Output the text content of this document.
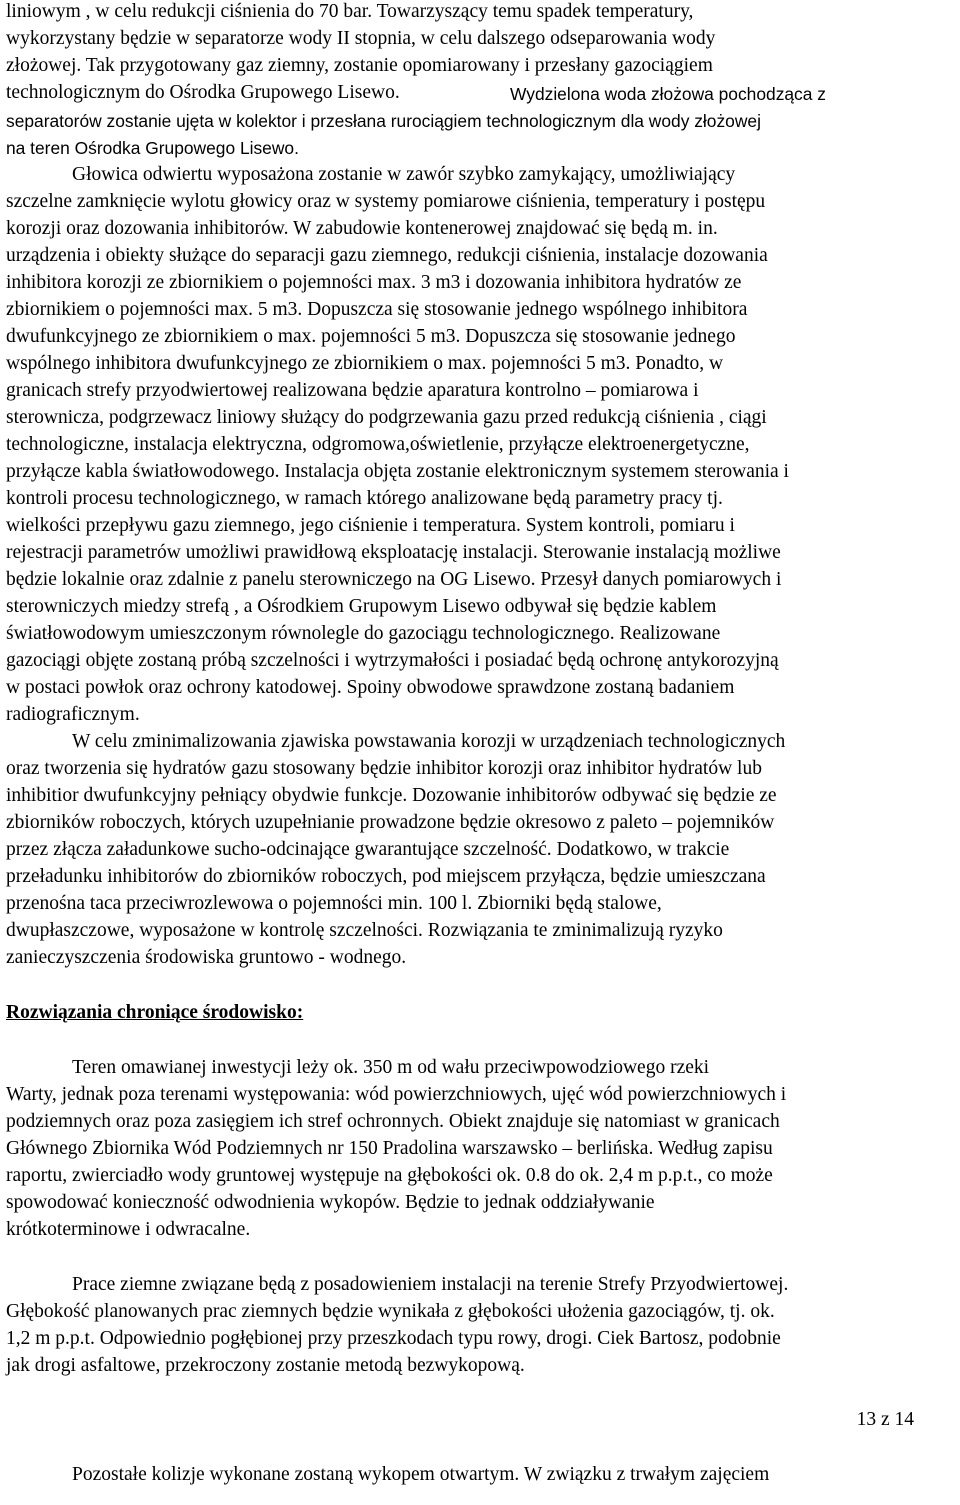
liniowym , w celu redukcji ciśnienia do 70 bar. Towarzyszący temu spadek temperatury,
wykorzystany będzie w separatorze wody II stopnia, w celu dalszego odseparowania wody
złożowej. Tak przygotowany gaz ziemny, zostanie opomiarowany i przesłany gazociągiem
technologicznym do Ośrodka Grupowego Lisewo.	Wydzielona woda złożowa pochodząca z
separatorów zostanie ujęta w kolektor i przesłana rurociągiem technologicznym dla wody złożowej
na teren Ośrodka Grupowego Lisewo.
Głowica odwiertu wyposażona zostanie w zawór szybko zamykający, umożliwiający
szczelne zamknięcie wylotu głowicy oraz w systemy pomiarowe ciśnienia, temperatury i postępu
korozji oraz dozowania inhibitorów. W zabudowie kontenerowej znajdować się będą m. in.
urządzenia i obiekty służące do separacji gazu ziemnego, redukcji ciśnienia, instalacje dozowania
inhibitora korozji ze zbiornikiem o pojemności max. 3 m3 i dozowania inhibitora hydratów ze
zbiornikiem o pojemności max. 5 m3. Dopuszcza się stosowanie jednego wspólnego inhibitora
dwufunkcyjnego ze zbiornikiem o max. pojemności 5 m3. Dopuszcza się stosowanie jednego
wspólnego inhibitora dwufunkcyjnego ze zbiornikiem o max. pojemności 5 m3. Ponadto, w
granicach strefy przyodwiertowej realizowana będzie aparatura kontrolno – pomiarowa i
sterownicza, podgrzewacz liniowy służący do podgrzewania gazu przed redukcją ciśnienia , ciągi
technologiczne, instalacja elektryczna, odgromowa,oświetlenie, przyłącze elektroenergetyczne,
przyłącze kabla światłowodowego. Instalacja objęta zostanie elektronicznym systemem sterowania i
kontroli procesu technologicznego, w ramach którego analizowane będą parametry pracy tj.
wielkości przepływu gazu ziemnego, jego ciśnienie i temperatura. System kontroli, pomiaru i
rejestracji parametrów umożliwi prawidłową eksploatację instalacji. Sterowanie instalacją możliwe
będzie lokalnie oraz zdalnie z panelu sterowniczego na OG Lisewo. Przesył danych pomiarowych i
sterowniczych miedzy strefą , a Ośrodkiem Grupowym Lisewo odbywał się będzie kablem
światłowodowym umieszczonym równolegle do gazociągu technologicznego. Realizowane
gazociągi objęte zostaną próbą szczelności i wytrzymałości i posiadać będą ochronę antykorozyjną
w postaci powłok oraz ochrony katodowej. Spoiny obwodowe sprawdzone zostaną badaniem
radiograficznym.
W celu zminimalizowania zjawiska powstawania korozji w urządzeniach technologicznych
oraz tworzenia się hydratów gazu stosowany będzie inhibitor korozji oraz inhibitor hydratów lub
inhibitior dwufunkcyjny pełniący obydwie funkcje. Dozowanie inhibitorów odbywać się będzie ze
zbiorników roboczych, których uzupełnianie prowadzone będzie okresowo z paleto – pojemników
przez złącza załadunkowe sucho-odcinające gwarantujące szczelność. Dodatkowo, w trakcie
przeładunku inhibitorów do zbiorników roboczych, pod miejscem przyłącza, będzie umieszczana
przenośna taca przeciwrozlewowa o pojemności min. 100 l. Zbiorniki będą stalowe,
dwupłaszczowe, wyposażone w kontrolę szczelności. Rozwiązania te zminimalizują ryzyko
zanieczyszczenia środowiska gruntowo - wodnego.
Rozwiązania chroniące środowisko:
Teren omawianej inwestycji leży ok. 350 m od wału przeciwpowodziowego rzeki
Warty, jednak poza terenami występowania: wód powierzchniowych, ujęć wód powierzchniowych i
podziemnych oraz poza zasięgiem ich stref ochronnych. Obiekt znajduje się natomiast w granicach
Głównego Zbiornika Wód Podziemnych nr 150 Pradolina warszawsko – berlińska. Według zapisu
raportu, zwierciadło wody gruntowej występuje na głębokości ok. 0.8 do ok. 2,4 m p.p.t., co może
spowodować konieczność odwodnienia wykopów. Będzie to jednak oddziaływanie
krótkoterminowe i odwracalne.
Prace ziemne związane będą z posadowieniem instalacji na terenie Strefy Przyodwiertowej.
Głębokość planowanych prac ziemnych będzie wynikała z głębokości ułożenia gazociągów, tj. ok.
1,2 m p.p.t. Odpowiednio pogłębionej przy przeszkodach typu rowy, drogi. Ciek Bartosz, podobnie
jak drogi asfaltowe, przekroczony zostanie metodą bezwykopową.
13 z 14
Pozostałe kolizje wykonane zostaną wykopem otwartym. W związku z trwałym zajęciem
